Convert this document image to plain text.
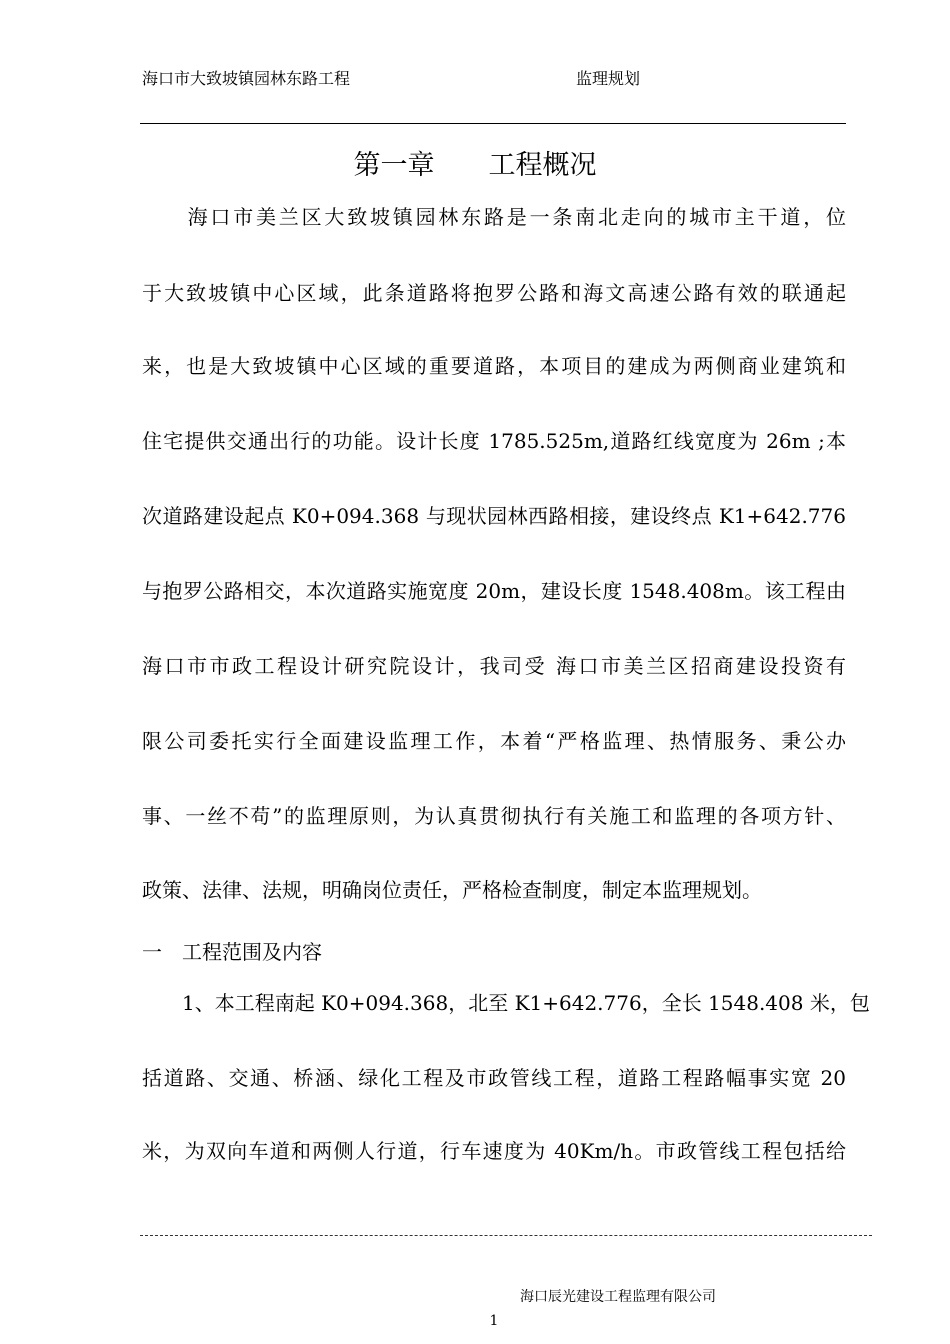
海口市大致坡镇园林东路工程	监理规划
第一章　　工程概况
　　海口市美兰区大致坡镇园林东路是一条南北走向的城市主干道，位
于大致坡镇中心区域，此条道路将抱罗公路和海文高速公路有效的联通起
来，也是大致坡镇中心区域的重要道路，本项目的建成为两侧商业建筑和
住宅提供交通出行的功能。设计长度 1785.525m,道路红线宽度为 26m ;本
次道路建设起点 K0+094.368 与现状园林西路相接，建设终点 K1+642.776
与抱罗公路相交，本次道路实施宽度 20m，建设长度 1548.408m。该工程由
海口市市政工程设计研究院设计，我司受 海口市美兰区招商建设投资有
限公司委托实行全面建设监理工作，本着“严格监理、热情服务、秉公办
事、一丝不苟”的监理原则，为认真贯彻执行有关施工和监理的各项方针、
政策、法律、法规，明确岗位责任，严格检查制度，制定本监理规划。
一　工程范围及内容
　　1、本工程南起 K0+094.368，北至 K1+642.776，全长 1548.408 米，包
括道路、交通、桥涵、绿化工程及市政管线工程，道路工程路幅事实宽 20
米，为双向车道和两侧人行道，行车速度为 40Km/h。市政管线工程包括给
海口辰光建设工程监理有限公司
1
